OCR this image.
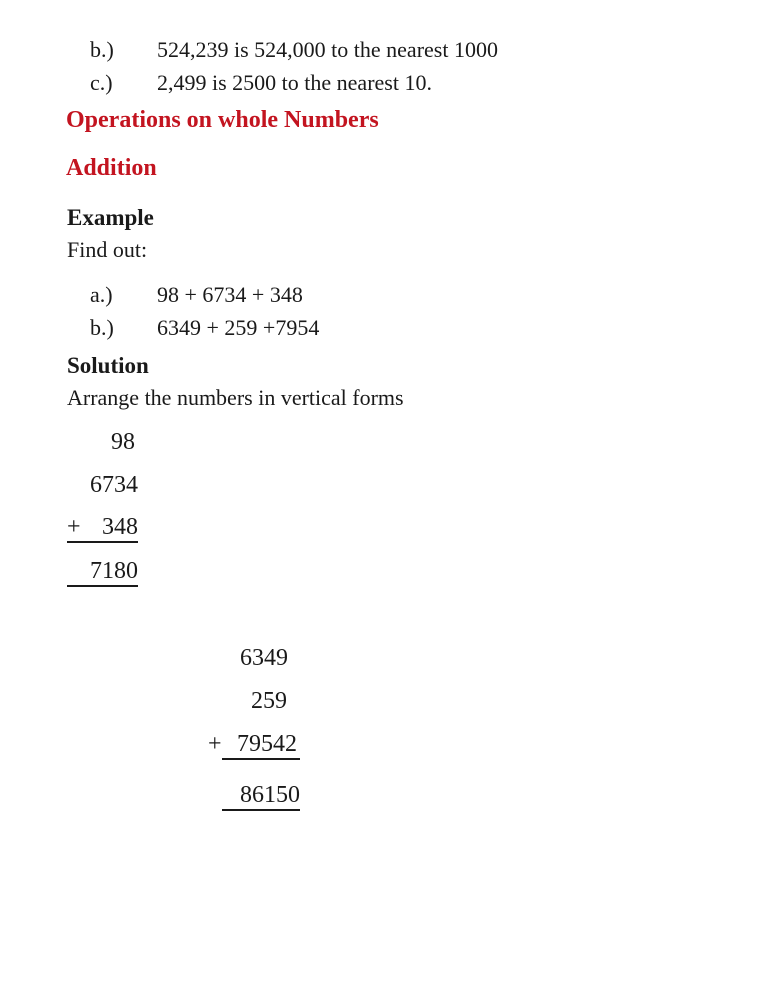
b.)	524,239 is 524,000 to the nearest 1000
c.)	2,499 is 2500 to the nearest 10.
Operations on whole Numbers
Addition
Example
Find out:
a.)	98 + 6734 + 348
b.)	6349 + 259 +7954
Solution
Arrange the numbers in vertical forms
98
6734
+ 348
7180
6349
259
+ 79542
86150
